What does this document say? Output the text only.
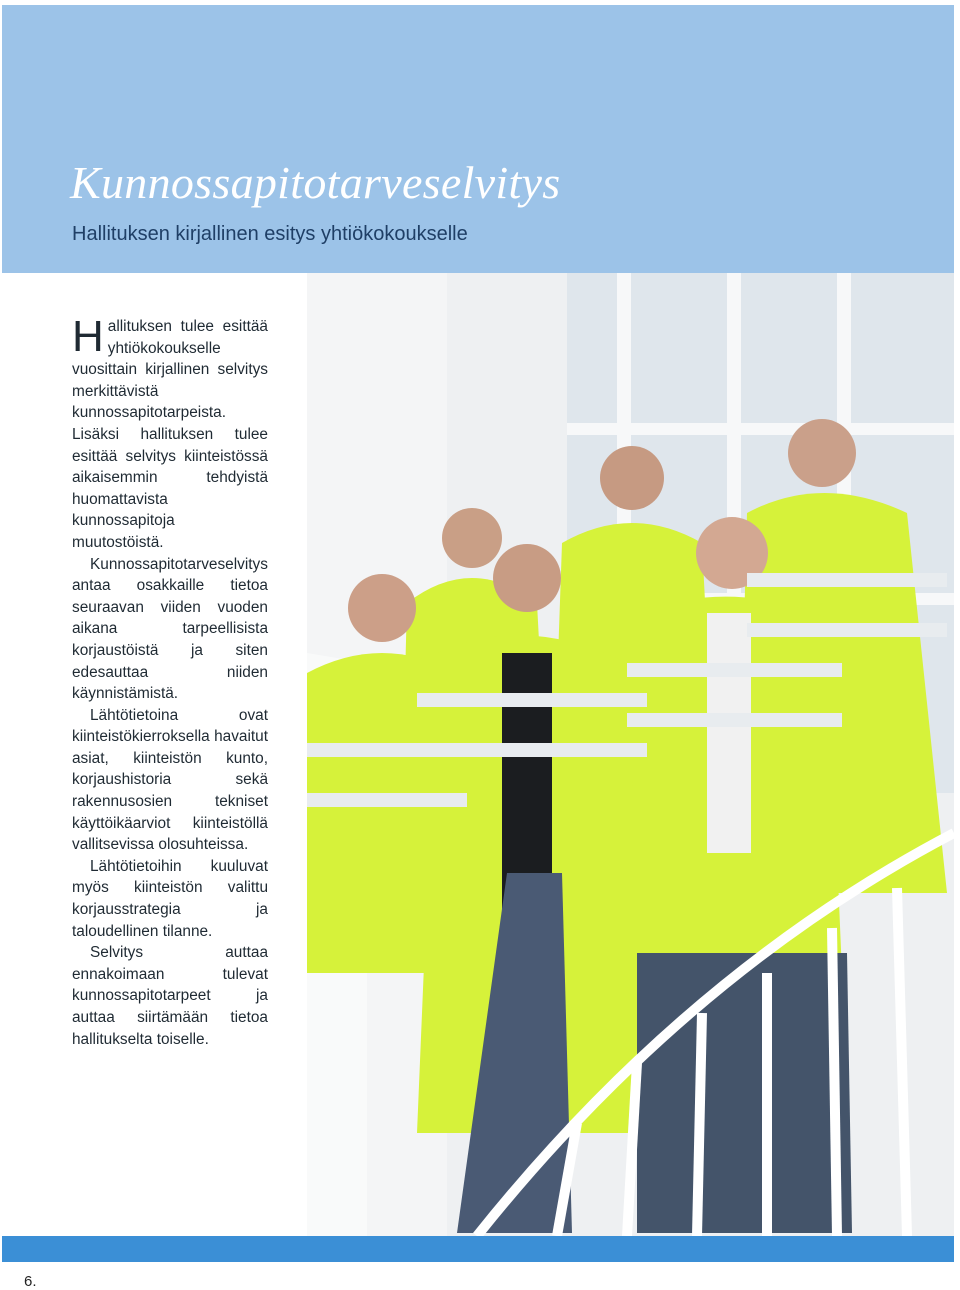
Kunnossapitotarveselvitys

Hallituksen kirjallinen esitys yhtiökokoukselle

Hallituksen tulee esittää yhtiökokoukselle vuosittain kirjallinen selvitys merkittävistä kunnossapitotarpeista. Lisäksi hallituksen tulee esittää selvitys kiinteistössä aikaisemmin tehdyistä huomattavista kunnossapitoja muutostöistä.

Kunnossapitotarveselvitys antaa osakkaille tietoa seuraavan viiden vuoden aikana tarpeellisista korjaustöistä ja siten edesauttaa niiden käynnistämistä.

Lähtötietoina ovat kiinteistökierroksella havaitut asiat, kiinteistön kunto, korjaushistoria sekä rakennusosien tekniset käyttöikäarviot kiinteistöllä vallitsevissa olosuhteissa.

Lähtötietoihin kuuluvat myös kiinteistön valittu korjausstrategia ja taloudellinen tilanne.

Selvitys auttaa ennakoimaan tulevat kunnossapitotarpeet ja auttaa siirtämään tietoa hallitukselta toiselle.

6.
